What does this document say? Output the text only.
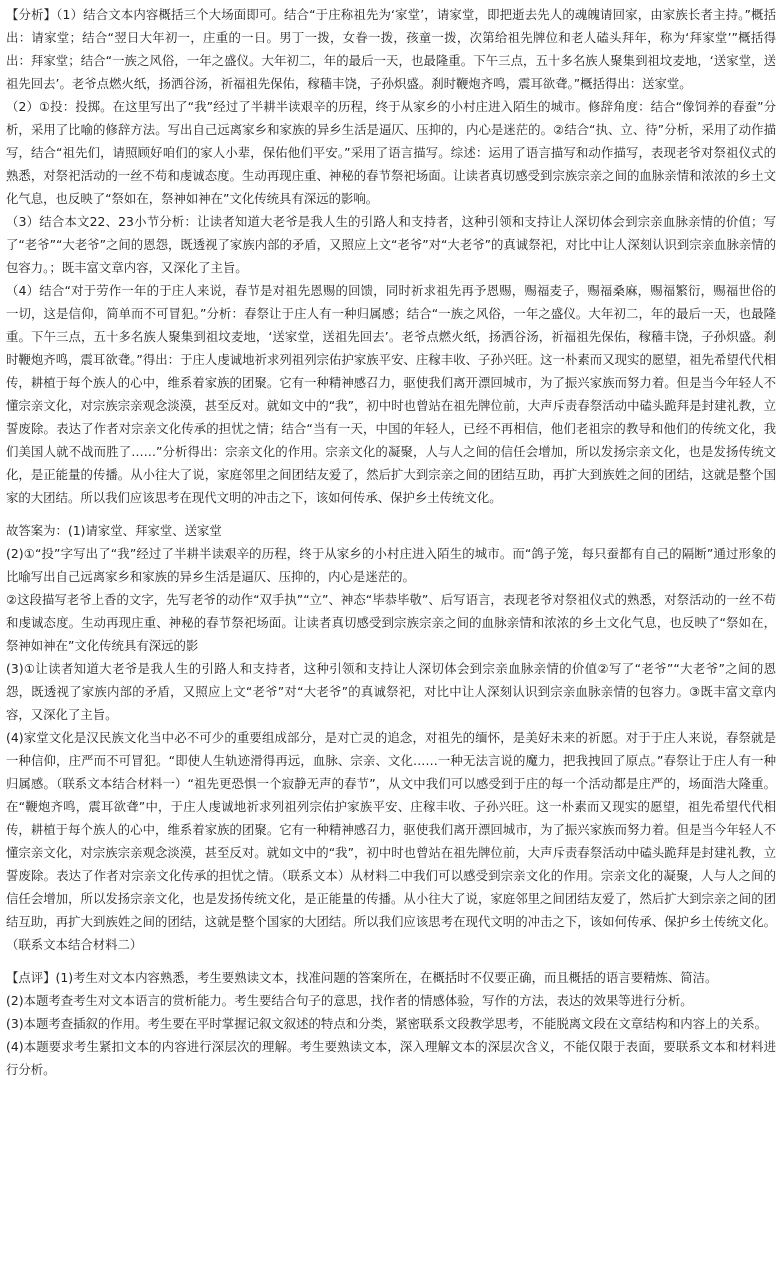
【分析】（1）结合文本内容概括三个大场面即可。结合“于庄称祖先为‘家堂’，请家堂，即把逝去先人的魂魄请回家，由家族长者主持。”概括出：请家堂；结合“翌日大年初一，庄重的一日。男丁一拨，女眷一拨，孩童一拨，次第给祖先牌位和老人磕头拜年，称为‘拜家堂’”概括得出：拜家堂；结合“一族之风俗，一年之盛仪。大年初二，年的最后一天，也最隆重。下午三点，五十多名族人聚集到祖坟麦地，‘送家堂，送祖先回去’。老爷点燃火纸，扬洒谷汤，祈福祖先保佑，稼穑丰饶，子孙炽盛。刹时鞭炮齐鸣，震耳欲聋。”概括得出：送家堂。

（2）①投：投掷。在这里写出了“我”经过了半耕半读艰辛的历程，终于从家乡的小村庄进入陌生的城市。修辞角度：结合“像饲养的春蚕”分析，采用了比喻的修辞方法。写出自己远离家乡和家族的异乡生活是逼仄、压抑的，内心是迷茫的。②结合“执、立、待”分析，采用了动作描写，结合“祖先们，请照顾好咱们的家人小辈，保佑他们平安。”采用了语言描写。综述：运用了语言描写和动作描写，表现老爷对祭祖仪式的熟悉，对祭祀活动的一丝不苟和虔诚态度。生动再现庄重、神秘的春节祭祀场面。让读者真切感受到宗族宗亲之间的血脉亲情和浓浓的乡土文化气息，也反映了“祭如在，祭神如神在”文化传统具有深远的影响。

（3）结合本文22、23小节分析：让读者知道大老爷是我人生的引路人和支持者，这种引领和支持让人深切体会到宗亲血脉亲情的价值；写了“老爷”“大老爷”之间的恩怨，既透视了家族内部的矛盾，又照应上文“老爷”对“大老爷”的真诚祭祀，对比中让人深刻认识到宗亲血脉亲情的包容力。；既丰富文章内容，又深化了主旨。

（4）结合“对于劳作一年的于庄人来说，春节是对祖先恩赐的回馈，同时祈求祖先再予恩赐，赐福麦子，赐福桑麻，赐福繁衍，赐福世俗的一切，这是信仰，简单而不可冒犯。”分析：春祭让于庄人有一种归属感；结合“一族之风俗，一年之盛仪。大年初二，年的最后一天，也最隆重。下午三点，五十多名族人聚集到祖坟麦地，‘送家堂，送祖先回去’。老爷点燃火纸，扬洒谷汤，祈福祖先保佑，稼穑丰饶，子孙炽盛。刹时鞭炮齐鸣，震耳欲聋。”得出：于庄人虔诚地祈求列祖列宗佑护家族平安、庄稼丰收、子孙兴旺。这一朴素而又现实的愿望，祖先希望代代相传，耕植于每个族人的心中，维系着家族的团聚。它有一种精神感召力，驱使我们离开漂回城市，为了振兴家族而努力着。但是当今年轻人不懂宗亲文化，对宗族宗亲观念淡漠，甚至反对。就如文中的“我”，初中时也曾站在祖先牌位前，大声斥责春祭活动中磕头跪拜是封建礼教，立誓废除。表达了作者对宗亲文化传承的担忧之情；结合“当有一天，中国的年轻人，已经不再相信，他们老祖宗的教导和他们的传统文化，我们美国人就不战而胜了……”分析得出：宗亲文化的作用。宗亲文化的凝聚，人与人之间的信任会增加，所以发扬宗亲文化，也是发扬传统文化，是正能量的传播。从小往大了说，家庭邻里之间团结友爱了，然后扩大到宗亲之间的团结互助，再扩大到族姓之间的团结，这就是整个国家的大团结。所以我们应该思考在现代文明的冲击之下，该如何传承、保护乡土传统文化。

故答案为：(1)请家堂、拜家堂、送家堂

(2)①“投”字写出了“我”经过了半耕半读艰辛的历程，终于从家乡的小村庄进入陌生的城市。而“鸽子笼，每只蚕都有自己的隔断”通过形象的比喻写出自己远离家乡和家族的异乡生活是逼仄、压抑的，内心是迷茫的。

②这段描写老爷上香的文字，先写老爷的动作“双手执”“立”、神态“毕恭毕敬”、后写语言，表现老爷对祭祖仪式的熟悉，对祭活动的一丝不苟和虔诚态度。生动再现庄重、神秘的春节祭祀场面。让读者真切感受到宗族宗亲之间的血脉亲情和浓浓的乡土文化气息，也反映了“祭如在，祭神如神在”文化传统具有深远的影

(3)①让读者知道大老爷是我人生的引路人和支持者，这种引领和支持让人深切体会到宗亲血脉亲情的价值②写了“老爷”“大老爷”之间的恩怨，既透视了家族内部的矛盾，又照应上文“老爷”对“大老爷”的真诚祭祀，对比中让人深刻认识到宗亲血脉亲情的包容力。③既丰富文章内容，又深化了主旨。

(4)家堂文化是汉民族文化当中必不可少的重要组成部分，是对亡灵的追念，对祖先的缅怀，是美好未来的祈愿。对于于庄人来说，春祭就是一种信仰，庄严而不可冒犯。“即使人生轨迹滑得再远，血脉、宗亲、文化……一种无法言说的魔力，把我拽回了原点。”春祭让于庄人有一种归属感。（联系文本结合材料一）“祖先更恐惧一个寂静无声的春节”，从文中我们可以感受到于庄的每一个活动都是庄严的，场面浩大隆重。在“鞭炮齐鸣，震耳欲聋”中，于庄人虔诚地祈求列祖列宗佑护家族平安、庄稼丰收、子孙兴旺。这一朴素而又现实的愿望，祖先希望代代相传，耕植于每个族人的心中，维系着家族的团聚。它有一种精神感召力，驱使我们离开漂回城市，为了振兴家族而努力着。但是当今年轻人不懂宗亲文化，对宗族宗亲观念淡漠，甚至反对。就如文中的“我”，初中时也曾站在祖先牌位前，大声斥责春祭活动中磕头跪拜是封建礼教，立誓废除。表达了作者对宗亲文化传承的担忧之情。（联系文本）从材料二中我们可以感受到宗亲文化的作用。宗亲文化的凝聚，人与人之间的信任会增加，所以发扬宗亲文化，也是发扬传统文化，是正能量的传播。从小往大了说，家庭邻里之间团结友爱了，然后扩大到宗亲之间的团结互助，再扩大到族姓之间的团结，这就是整个国家的大团结。所以我们应该思考在现代文明的冲击之下，该如何传承、保护乡土传统文化。（联系文本结合材料二）

【点评】(1)考生对文本内容熟悉，考生要熟读文本，找准问题的答案所在，在概括时不仅要正确，而且概括的语言要精炼、简洁。

(2)本题考查考生对文本语言的赏析能力。考生要结合句子的意思，找作者的情感体验，写作的方法，表达的效果等进行分析。

(3)本题考查插叙的作用。考生要在平时掌握记叙文叙述的特点和分类，紧密联系文段教学思考，不能脱离文段在文章结构和内容上的关系。

(4)本题要求考生紧扣文本的内容进行深层次的理解。考生要熟读文本，深入理解文本的深层次含义，不能仅限于表面，要联系文本和材料进行分析。
